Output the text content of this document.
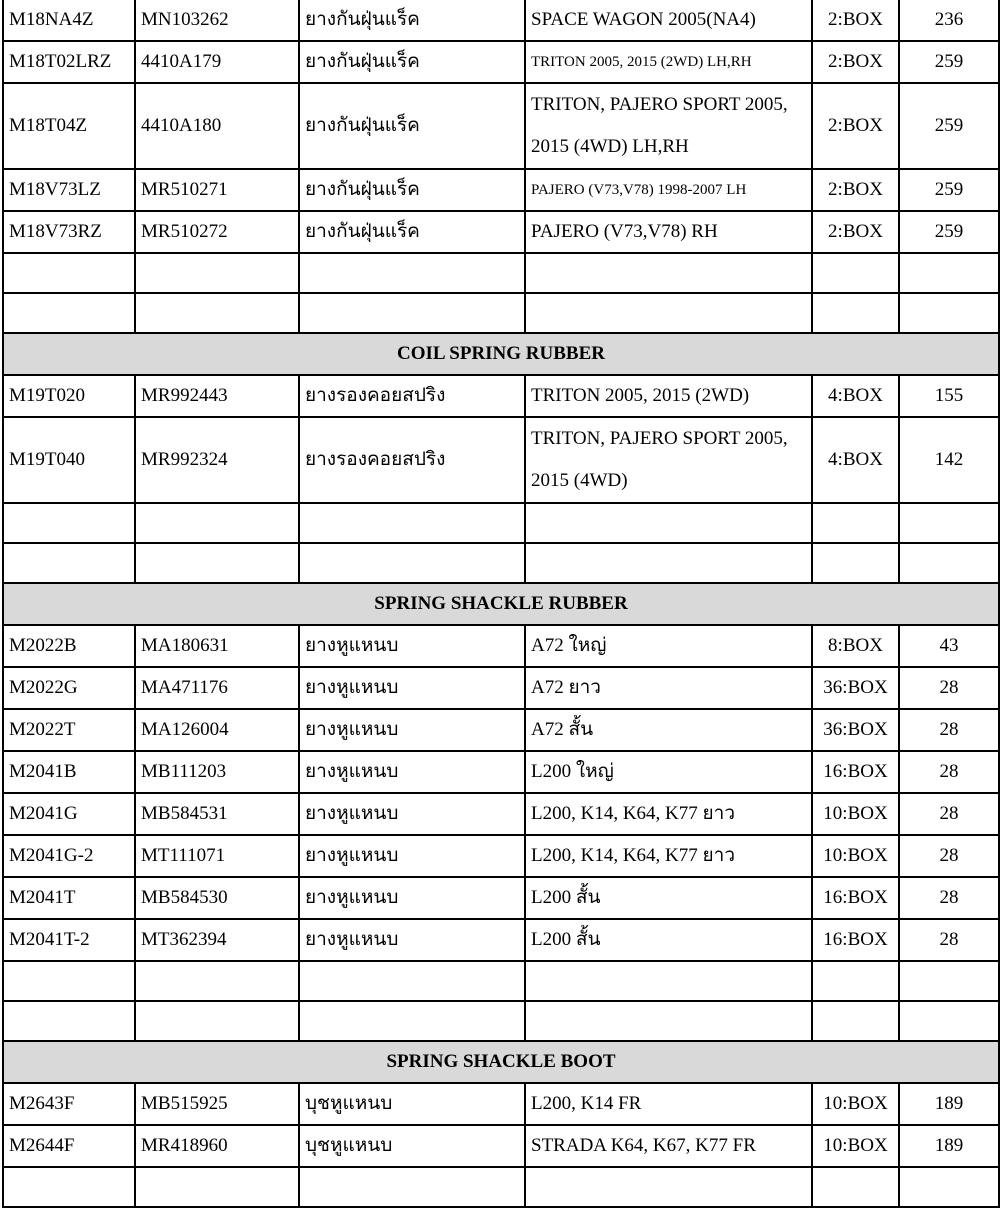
M18NA4Z	MN103262	ยางกันฝุ่นแร็ค	SPACE WAGON 2005(NA4)	2:BOX	236
M18T02LRZ	4410A179	ยางกันฝุ่นแร็ค	TRITON 2005, 2015 (2WD) LH,RH	2:BOX	259
M18T04Z	4410A180	ยางกันฝุ่นแร็ค	TRITON, PAJERO SPORT 2005, 2015 (4WD) LH,RH	2:BOX	259
M18V73LZ	MR510271	ยางกันฝุ่นแร็ค	PAJERO (V73,V78) 1998-2007 LH	2:BOX	259
M18V73RZ	MR510272	ยางกันฝุ่นแร็ค	PAJERO (V73,V78) RH	2:BOX	259

COIL SPRING RUBBER					
M19T020	MR992443	ยางรองคอยสปริง	TRITON 2005, 2015 (2WD)	4:BOX	155
M19T040	MR992324	ยางรองคอยสปริง	TRITON, PAJERO SPORT 2005, 2015 (4WD)	4:BOX	142

SPRING SHACKLE RUBBER					
M2022B	MA180631	ยางหูแหนบ	A72 ใหญ่	8:BOX	43
M2022G	MA471176	ยางหูแหนบ	A72 ยาว	36:BOX	28
M2022T	MA126004	ยางหูแหนบ	A72 สั้น	36:BOX	28
M2041B	MB111203	ยางหูแหนบ	L200 ใหญ่	16:BOX	28
M2041G	MB584531	ยางหูแหนบ	L200, K14, K64, K77 ยาว	10:BOX	28
M2041G-2	MT111071	ยางหูแหนบ	L200, K14, K64, K77 ยาว	10:BOX	28
M2041T	MB584530	ยางหูแหนบ	L200 สั้น	16:BOX	28
M2041T-2	MT362394	ยางหูแหนบ	L200 สั้น	16:BOX	28

SPRING SHACKLE BOOT					
M2643F	MB515925	บุชหูแหนบ	L200, K14 FR	10:BOX	189
M2644F	MR418960	บุชหูแหนบ	STRADA K64, K67, K77 FR	10:BOX	189
